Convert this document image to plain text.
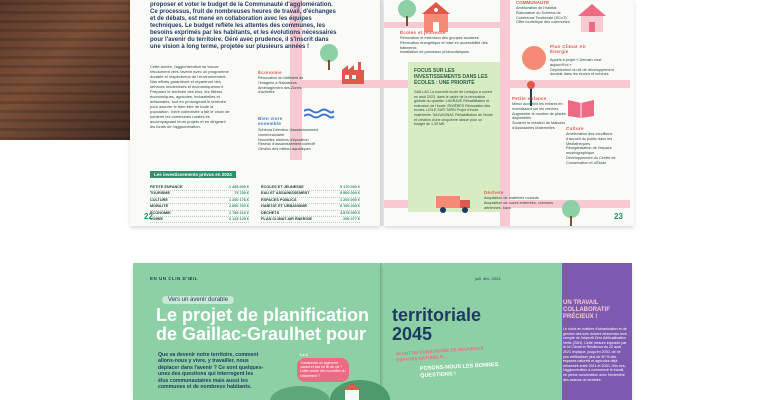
proposer et voter le budget de la Communauté d'agglomération. Ce processus, fruit de nombreuses heures de travail, d'échanges et de débats, est mené en collaboration avec les équipes techniques. Le budget reflète les attentes des communes, les besoins exprimés par les habitants, et les évolutions nécessaires pour l'avenir du territoire. Géré avec prudence, il s'inscrit dans une vision à long terme, projetée sur plusieurs années !
Cette année, l'agglomération se trouve résolument vers l'avenir avec un programme durable et respectueux de l'environnement. Nos efforts garantiront et répartiront des services modernisés et économiquement. Préparez le territoire des élus, les filières économiques, agricoles, industrielles et artisanales, tout en prolongeant le territoire pour assurer le bien-être de toute la population. Votre collectivité a fait le choix de soutenir les communes rurales en accompagnant leurs projets et en dirigeant les fonds de l'agglomération.
Économie
Rénovation du bâtiment de l'Imagerie à Rabastens
Aménagement des Zones d'activités
Bien vivre ensemble
Schéma Directeur d'assainissement communautaire
Nouvelles stations d'épuration
Réseau d'assainissement collectif
Gestion des milieux aquatiques
Les investissements prévus en 2024
PETITE ENFANCE	1 455 000 €
TOURISME	75 750 €
CULTURE	1 250 176 €
MOBILITÉ	2 850 763 €
ÉCONOMIE	1 789 216 €
VOIRIE	2 125 125 €
ÉCOLES ET JEUNESSE	5 170 060 €
EAU ET ASSAINISSEMENT	9 800 000 €
ESPACES PUBLICS	1 200 000 €
HABITAT ET URBANISME	6 190 000 €
DÉCHETS	4 875 000 €
PLAN CLIMAT AIR ÉNERGIE	296 477 €
22	23
Écoles et jeunesse
Rénovation et extension des groupes scolaires
Rénovation énergétique et mise en accessibilité des bâtiments
Installation de panneaux photovoltaïques
FOCUS SUR LES INVESTISSEMENTS DANS LES ÉCOLES : UNE PRIORITÉ
GAILLAC La nouvelle école de Lentajou a ouvert en août 2023, dans le cadre de la rénovation globale du quartier. LAGRAVE Réhabilitation et extension de l'école. RIVIÈRES Rénovation des écoles. LISLE-SUR-TARN Projet d'école maternelle. SALVAGNAC Réhabilitation de l'école et création d'une cinquième classe pour un budget de 1,35 M€.
COMMUNAUTÉ
Amélioration de l'habitat
Élaboration du Schéma de Cohérence Territoriale (SCoT)
Offre touristique des communes
Plan Climat Air Énergie
Appels à projet « Demain c'est aujourd'hui »
Déploiement du kit de développement durable dans les écoles et crèches
Petite enfance
Mieux accueillir les enfants en investissant sur les crèches
Augmenter le nombre de places disponibles
Soutenir la création de Maisons d'Assistantes Maternelles	Culture
Amélioration des conditions d'accueil du public dans les Médiathèques
Réorganisation de l'espace muséographique
Développement du Centre de Conservation et d'Étude
Déchets
Acquisition de matériels roulants
Acquisition de cuves enterrées, colonnes aériennes, bacs
EN UN CLIN D'ŒIL	juill. déc. 2024
Vers un avenir durable
Le projet de planification
de Gaillac-Graulhet pour
territoriale
2045
Que va devenir notre territoire, comment allons-nous y vivre, y travailler, nous déplacer dans l'avenir ? Ce sont quelques-unes des questions qui interrogent les élus communautaires mais aussi les communes et de nombreux habitants.
Le 1
Transformer un logement vacant et bas en fin de vie ? Lutter contre des nouvelles du lotissement ?
AVANT DE CONSTRUIRE DE NOUVEAUX ESPACES NATURELS...
POSONS-NOUS LES BONNES QUESTIONS !
UN TRAVAIL COLLABORATIF PRÉCIEUX !
Le choix en matière d'urbanisation et de gestion des sols doivent désormais tenir compte de l'objectif Zéro Artificialisation Nette (ZAN). Cette mesure imposée par la loi Climat et Résilience du 22 août 2021 implique, jusqu'en 2030, de ne pas artificialiser plus de 50 % des espaces naturels et agricoles déjà urbanisés entre 2011 et 2020. Dès lors, l'agglomération a commencé le travail, en pleine concertation avec l'ensemble des acteurs du territoire.
